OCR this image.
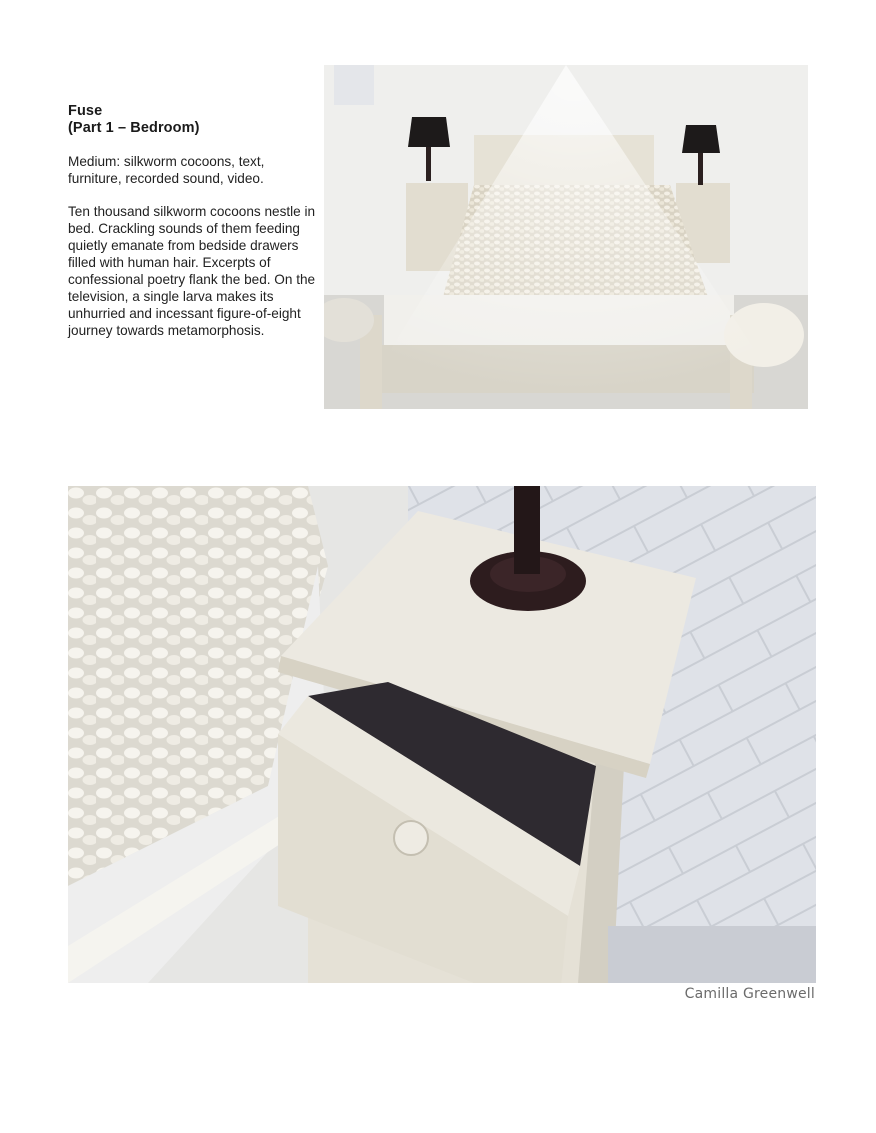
Fuse

(Part 1 – Bedroom)

Medium: silkworm cocoons, text, furniture, recorded sound, video.

Ten thousand silkworm cocoons nestle in bed. Crackling sounds of them feeding quietly emanate from bedside drawers filled with human hair. Excerpts of confessional poetry flank the bed. On the television, a single larva makes its unhurried and incessant figure-of-eight journey towards metamorphosis.

Camilla Greenwell
